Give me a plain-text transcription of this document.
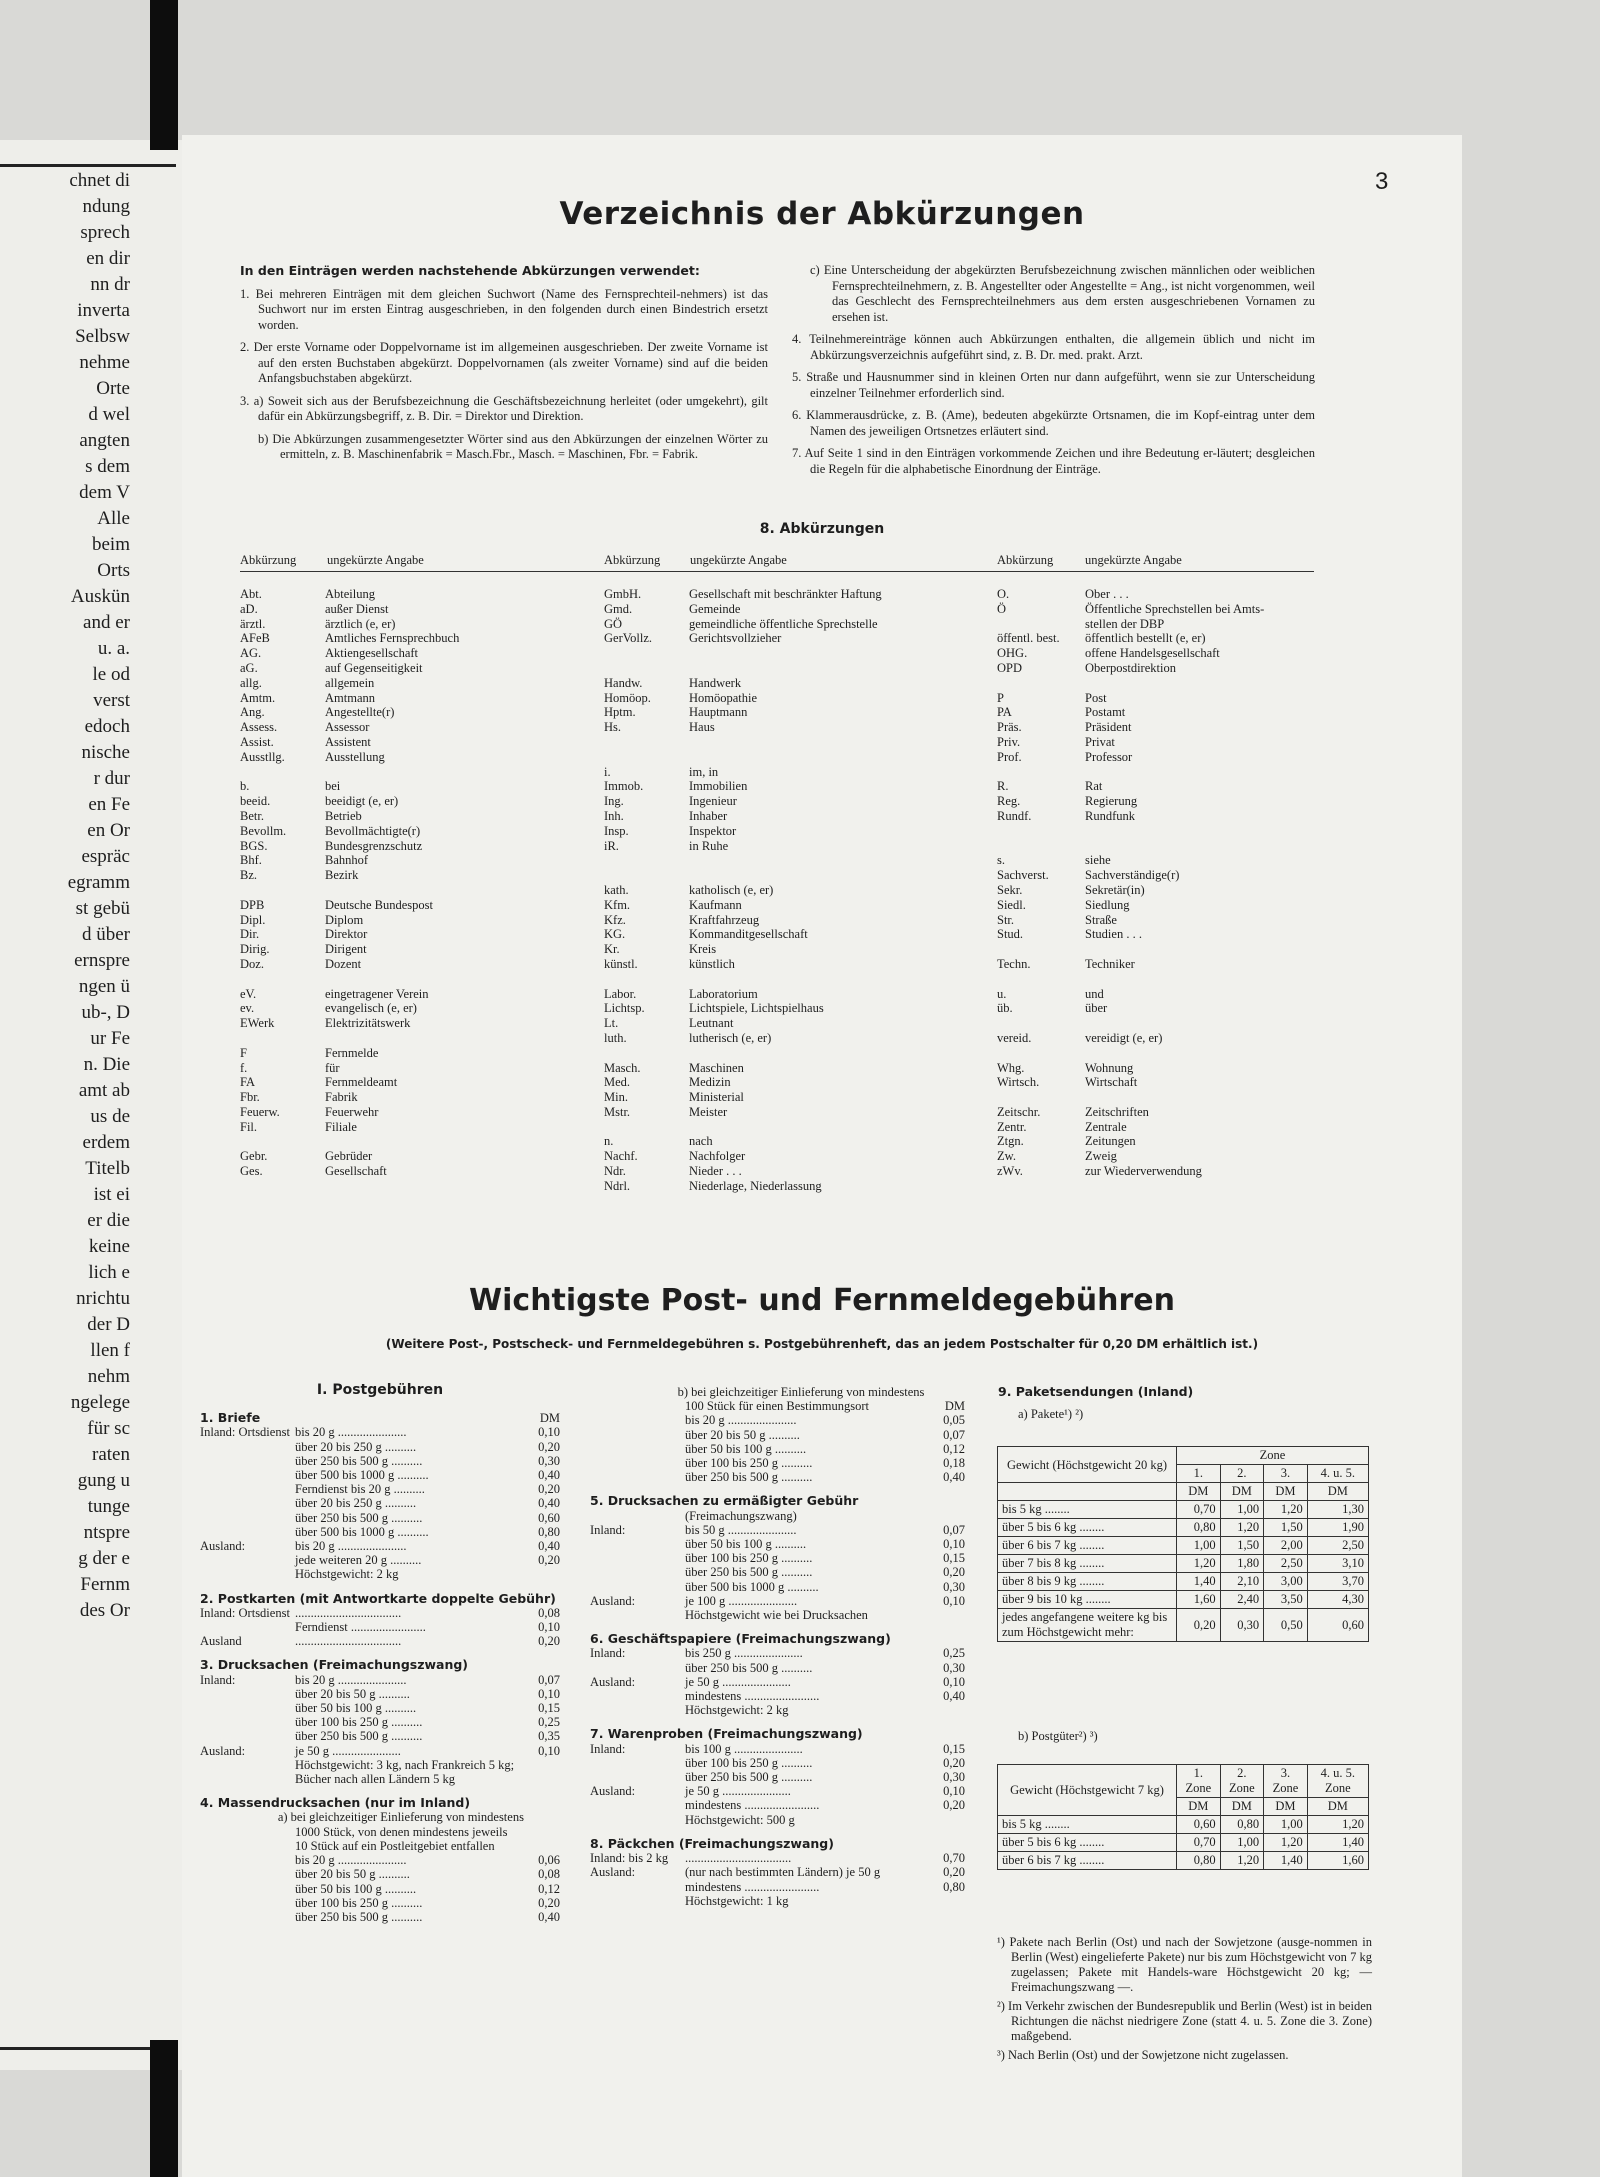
chnet di
ndung
sprech
en dir
nn dr
inverta
Selbsw
nehme
Orte
d wel
angten
s dem
dem V
Alle
beim
Orts
Auskün
and er
u. a.
le od
verst
edoch
nische
r dur
en Fe
en Or
espräc
egramm
st gebü
d über
ernspre
ngen ü
ub-, D
ur Fe
n. Die
amt ab
us de
erdem
Titelb
ist ei
er die
keine
lich e
nrichtu
der D
llen f
nehm
ngelege
für sc
raten
gung u
tunge
ntspre
g der e
Fernm
des Or
3
Verzeichnis der Abkürzungen

In den Einträgen werden nachstehende Abkürzungen verwendet:

1. Bei mehreren Einträgen mit dem gleichen Suchwort (Name des Fernsprechteil-nehmers) ist das Suchwort nur im ersten Eintrag ausgeschrieben, in den folgenden durch einen Bindestrich ersetzt worden.

2. Der erste Vorname oder Doppelvorname ist im allgemeinen ausgeschrieben. Der zweite Vorname ist auf den ersten Buchstaben abgekürzt. Doppelvornamen (als zweiter Vorname) sind auf die beiden Anfangsbuchstaben abgekürzt.

3. a) Soweit sich aus der Berufsbezeichnung die Geschäftsbezeichnung herleitet (oder umgekehrt), gilt dafür ein Abkürzungsbegriff, z. B. Dir. = Direktor und Direktion.

b) Die Abkürzungen zusammengesetzter Wörter sind aus den Abkürzungen der einzelnen Wörter zu ermitteln, z. B. Maschinenfabrik = Masch.Fbr., Masch. = Maschinen, Fbr. = Fabrik.

c) Eine Unterscheidung der abgekürzten Berufsbezeichnung zwischen männlichen oder weiblichen Fernsprechteilnehmern, z. B. Angestellter oder Angestellte = Ang., ist nicht vorgenommen, weil das Geschlecht des Fernsprechteilnehmers aus dem ersten ausgeschriebenen Vornamen zu ersehen ist.

4. Teilnehmereinträge können auch Abkürzungen enthalten, die allgemein üblich und nicht im Abkürzungsverzeichnis aufgeführt sind, z. B. Dr. med. prakt. Arzt.

5. Straße und Hausnummer sind in kleinen Orten nur dann aufgeführt, wenn sie zur Unterscheidung einzelner Teilnehmer erforderlich sind.

6. Klammerausdrücke, z. B. (Ame), bedeuten abgekürzte Ortsnamen, die im Kopf-eintrag unter dem Namen des jeweiligen Ortsnetzes erläutert sind.

7. Auf Seite 1 sind in den Einträgen vorkommende Zeichen und ihre Bedeutung er-läutert; desgleichen die Regeln für die alphabetische Einordnung der Einträge.

8. Abkürzungen
Abkürzung ungekürzte Angabe	Abkürzung ungekürzte Angabe	Abkürzung	ungekürzte Angabe
Abt.	Abteilung
aD.	außer Dienst
ärztl.	ärztlich (e, er)
AFeB	Amtliches Fernsprechbuch
AG.	Aktiengesellschaft
aG.	auf Gegenseitigkeit
allg.	allgemein
Amtm.	Amtmann
Ang.	Angestellte(r)
Assess.	Assessor
Assist.	Assistent
Ausstllg.	Ausstellung
b.	bei
beeid.	beeidigt (e, er)
Betr.	Betrieb
Bevollm.	Bevollmächtigte(r)
BGS.	Bundesgrenzschutz
Bhf.	Bahnhof
Bz.	Bezirk
DPB	Deutsche Bundespost
Dipl.	Diplom
Dir.	Direktor
Dirig.	Dirigent
Doz.	Dozent
eV.	eingetragener Verein
ev.	evangelisch (e, er)
EWerk	Elektrizitätswerk
F	Fernmelde
f.	für
FA	Fernmeldeamt
Fbr.	Fabrik
Feuerw.	Feuerwehr
Fil.	Filiale
Gebr.	Gebrüder
Ges.	Gesellschaft
GmbH.	Gesellschaft mit beschränkter Haftung
Gmd.	Gemeinde
GÖ	gemeindliche öffentliche Sprechstelle
GerVollz.	Gerichtsvollzieher
Handw.	Handwerk
Homöop.	Homöopathie
Hptm.	Hauptmann
Hs.	Haus
i.	im, in
Immob.	Immobilien
Ing.	Ingenieur
Inh.	Inhaber
Insp.	Inspektor
iR.	in Ruhe
kath.	katholisch (e, er)
Kfm.	Kaufmann
Kfz.	Kraftfahrzeug
KG.	Kommanditgesellschaft
Kr.	Kreis
künstl.	künstlich
Labor.	Laboratorium
Lichtsp.	Lichtspiele, Lichtspielhaus
Lt.	Leutnant
luth.	lutherisch (e, er)
Masch.	Maschinen
Med.	Medizin
Min.	Ministerial
Mstr.	Meister
n.	nach
Nachf.	Nachfolger
Ndr.	Nieder . . .
Ndrl.	Niederlage, Niederlassung
O.	Ober . . .
Ö	Öffentliche Sprechstellen bei Amts-
stellen der DBP
öffentl. best.	öffentlich bestellt (e, er)
OHG.	offene Handelsgesellschaft
OPD	Oberpostdirektion
P	Post
PA	Postamt
Präs.	Präsident
Priv.	Privat
Prof.	Professor
R.	Rat
Reg.	Regierung
Rundf.	Rundfunk
s.	siehe
Sachverst.	Sachverständige(r)
Sekr.	Sekretär(in)
Siedl.	Siedlung
Str.	Straße
Stud.	Studien . . .
Techn.	Techniker
u.	und
üb.	über
vereid.	vereidigt (e, er)
Whg.	Wohnung
Wirtsch.	Wirtschaft
Zeitschr.	Zeitschriften
Zentr.	Zentrale
Ztgn.	Zeitungen
Zw.	Zweig
zWv.	zur Wiederverwendung
Wichtigste Post- und Fernmeldegebühren
(Weitere Post-, Postscheck- und Fernmeldegebühren s. Postgebührenheft, das an jedem Postschalter für 0,20 DM erhältlich ist.)
I. Postgebühren
1. Briefe	DM
Inland: Ortsdienst bis 20 g ......................	0,10
über 20 bis 250 g ..........	0,20
über 250 bis 500 g ..........	0,30
über 500 bis 1000 g ..........	0,40
Ferndienst bis 20 g ..........	0,20
über 20 bis 250 g ..........	0,40
über 250 bis 500 g ..........	0,60
über 500 bis 1000 g ..........	0,80
Ausland:	bis 20 g ......................	0,40
jede weiteren 20 g ..........	0,20
Höchstgewicht: 2 kg
2. Postkarten (mit Antwortkarte doppelte Gebühr)
Inland: Ortsdienst ..................................	0,08
Ferndienst ........................	0,10
Ausland	..................................	0,20
3. Drucksachen (Freimachungszwang)
Inland:	bis 20 g ......................	0,07
über 20 bis 50 g ..........	0,10
über 50 bis 100 g ..........	0,15
über 100 bis 250 g ..........	0,25
über 250 bis 500 g ..........	0,35
Ausland:	je 50 g ......................	0,10
Höchstgewicht: 3 kg, nach Frankreich 5 kg;
Bücher nach allen Ländern 5 kg
4. Massendrucksachen (nur im Inland)
a) bei gleichzeitiger Einlieferung von mindestens
1000 Stück, von denen mindestens jeweils
10 Stück auf ein Postleitgebiet entfallen
bis 20 g ......................	0,06
über 20 bis 50 g ..........	0,08
über 50 bis 100 g ..........	0,12
über 100 bis 250 g ..........	0,20
über 250 bis 500 g ..........	0,40
b) bei gleichzeitiger Einlieferung von mindestens
100 Stück für einen Bestimmungsort	DM
bis 20 g ......................	0,05
über 20 bis 50 g ..........	0,07
über 50 bis 100 g ..........	0,12
über 100 bis 250 g ..........	0,18
über 250 bis 500 g ..........	0,40
5. Drucksachen zu ermäßigter Gebühr
(Freimachungszwang)
Inland:	bis 50 g ......................	0,07
über 50 bis 100 g ..........	0,10
über 100 bis 250 g ..........	0,15
über 250 bis 500 g ..........	0,20
über 500 bis 1000 g ..........	0,30
Ausland:	je 100 g ......................	0,10
Höchstgewicht wie bei Drucksachen
6. Geschäftspapiere (Freimachungszwang)
Inland:	bis 250 g ......................	0,25
über 250 bis 500 g ..........	0,30
Ausland:	je 50 g ......................	0,10
mindestens ........................	0,40
Höchstgewicht: 2 kg
7. Warenproben (Freimachungszwang)
Inland:	bis 100 g ......................	0,15
über 100 bis 250 g ..........	0,20
über 250 bis 500 g ..........	0,30
Ausland:	je 50 g ......................	0,10
mindestens ........................	0,20
Höchstgewicht: 500 g
8. Päckchen (Freimachungszwang)
Inland: bis 2 kg	..................................	0,70
Ausland:	(nur nach bestimmten Ländern) je 50 g	0,20
mindestens ........................	0,80
Höchstgewicht: 1 kg
9. Paketsendungen (Inland)
a) Pakete¹) ²)
Gewicht (Höchstgewicht 20 kg)	Zone			
	1.	2.	3.	4. u. 5.
	DM	DM	DM	DM
bis 5 kg ........	0,70	1,00	1,20	1,30
über 5 bis 6 kg ........	0,80	1,20	1,50	1,90
über 6 bis 7 kg ........	1,00	1,50	2,00	2,50
über 7 bis 8 kg ........	1,20	1,80	2,50	3,10
über 8 bis 9 kg ........	1,40	2,10	3,00	3,70
über 9 bis 10 kg ........	1,60	2,40	3,50	4,30
jedes angefangene weitere kg bis zum Höchstgewicht mehr:	0,20	0,30	0,50	0,60
b) Postgüter²) ³)
Gewicht (Höchstgewicht 7 kg)	1. Zone	2. Zone	3. Zone	4. u. 5. Zone
	DM	DM	DM	DM
bis 5 kg ........	0,60	0,80	1,00	1,20
über 5 bis 6 kg ........	0,70	1,00	1,20	1,40
über 6 bis 7 kg ........	0,80	1,20	1,40	1,60

¹) Pakete nach Berlin (Ost) und nach der Sowjetzone (ausge-nommen in Berlin (West) eingelieferte Pakete) nur bis zum Höchstgewicht von 7 kg zugelassen; Pakete mit Handels-ware Höchstgewicht 20 kg; — Freimachungszwang —.

²) Im Verkehr zwischen der Bundesrepublik und Berlin (West) ist in beiden Richtungen die nächst niedrigere Zone (statt 4. u. 5. Zone die 3. Zone) maßgebend.

³) Nach Berlin (Ost) und der Sowjetzone nicht zugelassen.
